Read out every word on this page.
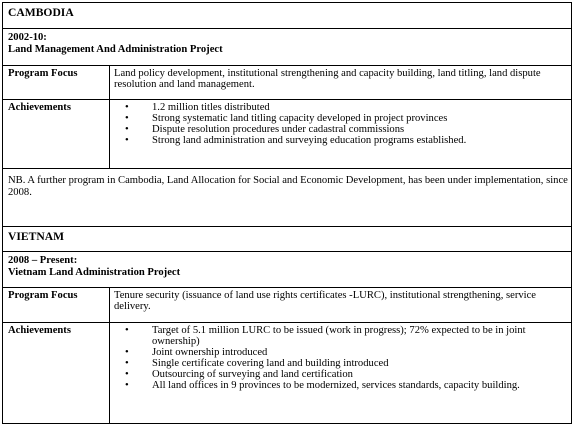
CAMBODIA
2002-10:
Land Management And Administration Project
Program Focus	Land policy development, institutional strengthening and capacity building, land titling, land dispute resolution and land management.
Achievements	• 1.2 million titles distributed
• Strong systematic land titling capacity developed in project provinces
• Dispute resolution procedures under cadastral commissions
• Strong land administration and surveying education programs established.
NB. A further program in Cambodia, Land Allocation for Social and Economic Development, has been under implementation, since 2008.
VIETNAM
2008 – Present:
Vietnam Land Administration Project
Program Focus	Tenure security (issuance of land use rights certificates -LURC), institutional strengthening, service delivery.
Achievements	• Target of 5.1 million LURC to be issued (work in progress); 72% expected to be in joint ownership)
• Joint ownership introduced
• Single certificate covering land and building introduced
• Outsourcing of surveying and land certification
• All land offices in 9 provinces to be modernized, services standards, capacity building.
